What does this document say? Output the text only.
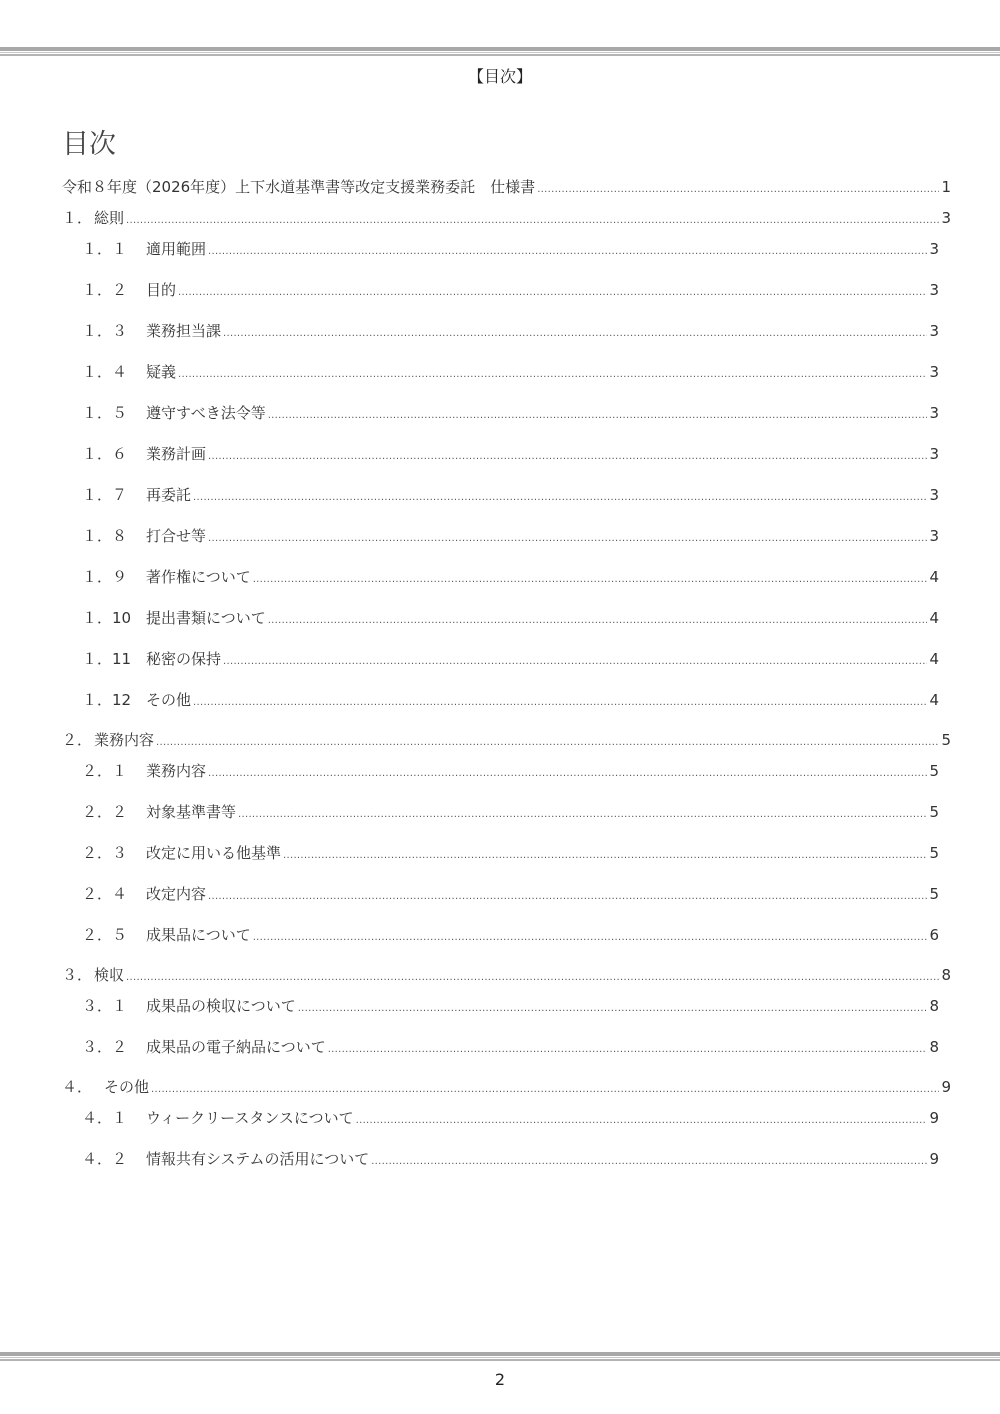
【目次】
目次
令和８年度（2026年度）上下水道基準書等改定支援業務委託　仕様書 .....	1
１． 総則 .....	3
１．１	適用範囲 .....	3
１．２	目的 .....	3
１．３	業務担当課 .....	3
１．４	疑義 .....	3
１．５	遵守すべき法令等 .....	3
１．６	業務計画 .....	3
１．７	再委託 .....	3
１．８	打合せ等 .....	3
１．９	著作権について .....	4
１．10 提出書類について .....	4
１．11 秘密の保持 .....	4
１．12 その他 .....	4
２． 業務内容 .....	5
２．１	業務内容 .....	5
２．２	対象基準書等 .....	5
２．３	改定に用いる他基準 .....	5
２．４	改定内容 .....	5
２．５	成果品について .....	6
３． 検収 .....	8
３．１	成果品の検収について .....	8
３．２	成果品の電子納品について .....	8
４． その他 .....	9
４．１	ウィークリースタンスについて .....	9
４．２	情報共有システムの活用について .....	9
2
